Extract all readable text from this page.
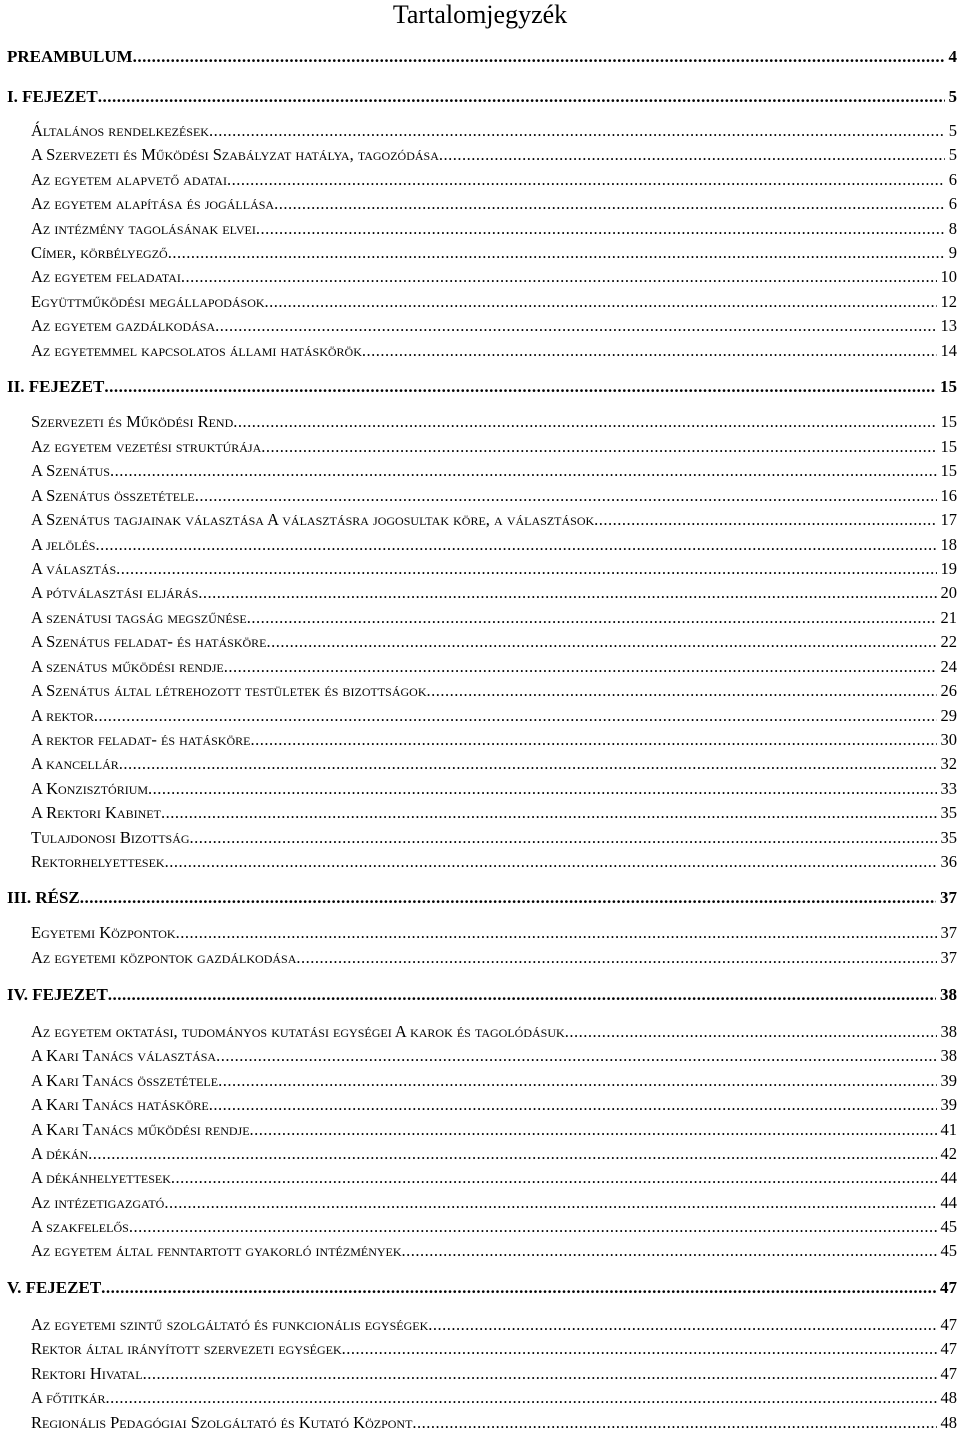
Tartalomjegyzék
PREAMBULUM .....	4
I. FEJEZET .....	5
Általános rendelkezések .....	5
A Szervezeti és Működési Szabályzat hatálya, tagozódása .....	5
Az egyetem alapvető adatai .....	6
Az egyetem alapítása és jogállása .....	6
Az intézmény tagolásának elvei .....	8
Címer, körbélyegző .....	9
Az egyetem feladatai .....	10
Együttműködési megállapodások .....	12
Az egyetem gazdálkodása .....	13
Az egyetemmel kapcsolatos állami hatáskörök .....	14
II. FEJEZET .....	15
Szervezeti és Működési Rend .....	15
Az egyetem vezetési struktúrája .....	15
A Szenátus .....	15
A Szenátus összetétele .....	16
A Szenátus tagjainak választása A választásra jogosultak köre, a választások .....	17
A jelölés .....	18
A választás .....	19
A pótválasztási eljárás .....	20
A szenátusi tagság megszűnése .....	21
A Szenátus feladat- és hatásköre .....	22
A szenátus működési rendje .....	24
A Szenátus által létrehozott testületek és bizottságok .....	26
A rektor .....	29
A rektor feladat- és hatásköre .....	30
A kancellár .....	32
A Konzisztórium .....	33
A Rektori Kabinet .....	35
Tulajdonosi Bizottság .....	35
Rektorhelyettesek .....	36
III. RÉSZ .....	37
Egyetemi Központok .....	37
Az egyetemi központok gazdálkodása .....	37
IV. FEJEZET .....	38
Az egyetem oktatási, tudományos kutatási egységei A karok és tagolódásuk .....	38
A Kari Tanács választása .....	38
A Kari Tanács összetétele .....	39
A Kari Tanács hatásköre .....	39
A Kari Tanács működési rendje .....	41
A dékán .....	42
A dékánhelyettesek .....	44
Az intézetigazgató .....	44
A szakfelelős .....	45
Az egyetem által fenntartott gyakorló intézmények .....	45
V. FEJEZET .....	47
Az egyetemi szintű szolgáltató és funkcionális egységek .....	47
Rektor által irányított szervezeti egységek .....	47
Rektori Hivatal .....	47
A főtitkár .....	48
Regionális Pedagógiai Szolgáltató és Kutató Központ .....	48
